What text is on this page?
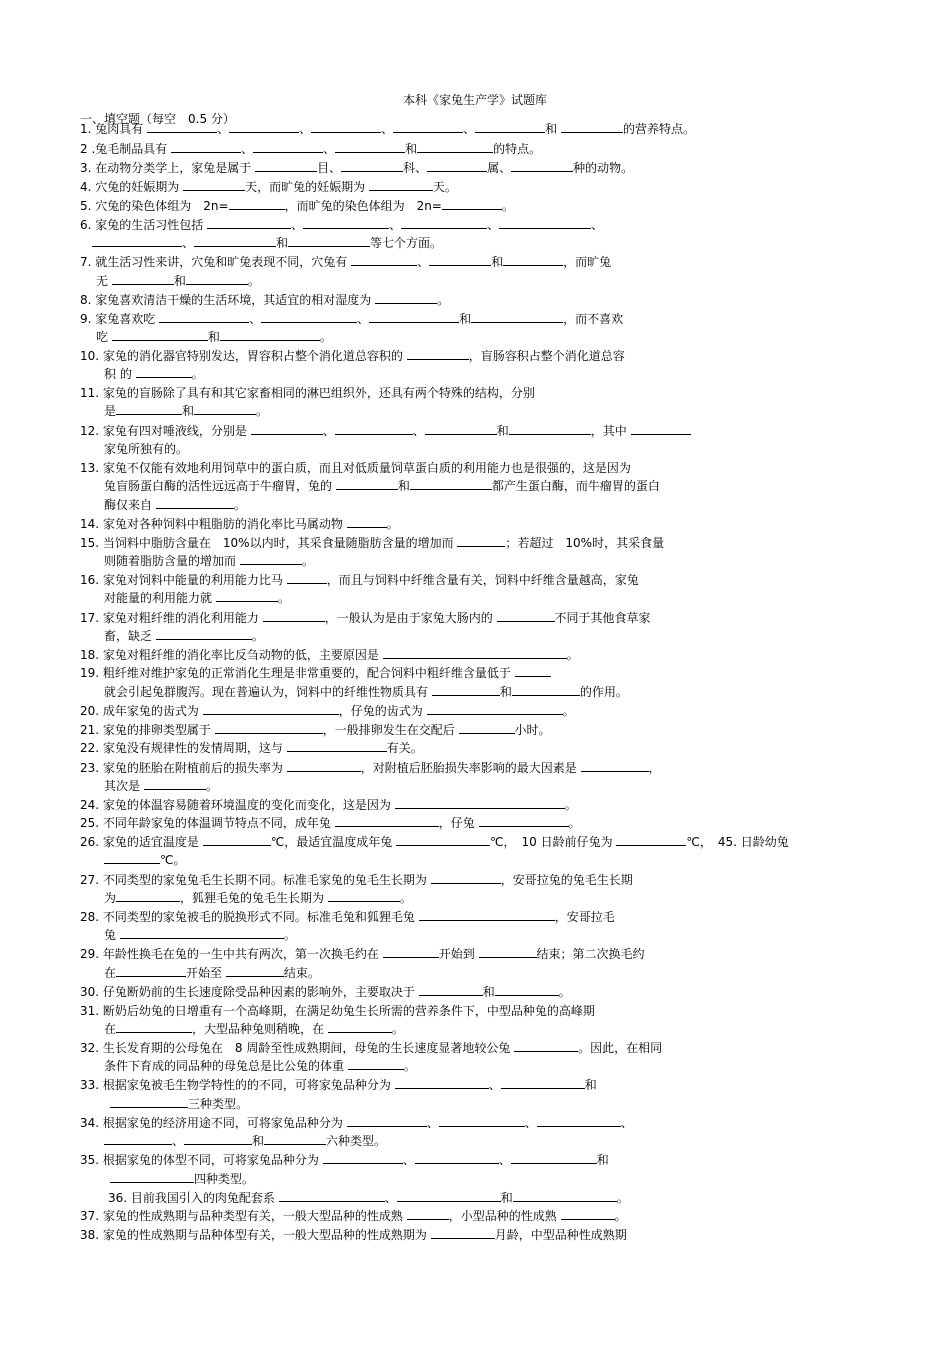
本科《家兔生产学》试题库
一、填空题（每空　0.5 分）
1. 兔肉具有	、	、	、	、	和	的营养特点。
2 .兔毛制品具有	、	、	和	的特点。
3. 在动物分类学上，家兔是属于	目、	科、	属、	种的动物。
4. 穴兔的妊娠期为	天，而旷兔的妊娠期为	天。
5. 穴兔的染色体组为　2n=	，而旷兔的染色体组为　2n=	。
6. 家兔的生活习性包括	、	、	、	、
、	和	等七个方面。
7. 就生活习性来讲，穴兔和旷兔表现不同，穴兔有	、	和	，而旷兔
无	和	。
8. 家兔喜欢清洁干燥的生活环境，其适宜的相对湿度为	。
9. 家兔喜欢吃	、	、	和	，而不喜欢
吃	和	。
10. 家兔的消化器官特别发达，胃容积占整个消化道总容积的	，盲肠容积占整个消化道总容
积 的	。
11. 家兔的盲肠除了具有和其它家畜相同的淋巴组织外，还具有两个特殊的结构，分别
是	和	。
12. 家兔有四对唾液线，分别是	、	、	和	，其中
家兔所独有的。
13. 家兔不仅能有效地利用饲草中的蛋白质，而且对低质量饲草蛋白质的利用能力也是很强的，这是因为
兔盲肠蛋白酶的活性远远高于牛瘤胃，兔的	和	都产生蛋白酶，而牛瘤胃的蛋白
酶仅来自	。
14. 家兔对各种饲料中粗脂肪的消化率比马属动物	。
15. 当饲料中脂肪含量在　10%以内时，其采食量随脂肪含量的增加而	；若超过　10%时，其采食量
则随着脂肪含量的增加而	。
16. 家兔对饲料中能量的利用能力比马	，而且与饲料中纤维含量有关，饲料中纤维含量越高，家兔
对能量的利用能力就	。
17. 家兔对粗纤维的消化利用能力	，一般认为是由于家兔大肠内的	不同于其他食草家
畜，缺乏	。
18. 家兔对粗纤维的消化率比反刍动物的低，主要原因是	。
19. 粗纤维对维护家兔的正常消化生理是非常重要的，配合饲料中粗纤维含量低于
就会引起兔群腹泻。现在普遍认为，饲料中的纤维性物质具有	和	的作用。
20. 成年家兔的齿式为	，仔兔的齿式为	。
21. 家兔的排卵类型属于	，一般排卵发生在交配后	小时。
22. 家兔没有规律性的发情周期，这与	有关。
23. 家兔的胚胎在附植前后的损失率为	，对附植后胚胎损失率影响的最大因素是	，
其次是	。
24. 家兔的体温容易随着环境温度的变化而变化，这是因为	。
25. 不同年龄家兔的体温调节特点不同，成年兔	，仔兔	。
26. 家兔的适宜温度是	℃，最适宜温度成年兔	℃，　10 日龄前仔兔为	℃，　45. 日龄幼兔
℃。
27. 不同类型的家兔兔毛生长期不同。标准毛家兔的兔毛生长期为	，安哥拉兔的兔毛生长期
为	，狐狸毛兔的兔毛生长期为	。
28. 不同类型的家兔被毛的脱换形式不同。标准毛兔和狐狸毛兔	，安哥拉毛
兔	。
29. 年龄性换毛在兔的一生中共有两次，第一次换毛约在	开始到	结束；第二次换毛约
在	开始至	结束。
30. 仔兔断奶前的生长速度除受品种因素的影响外，主要取决于	和	。
31. 断奶后幼兔的日增重有一个高峰期，在满足幼兔生长所需的营养条件下，中型品种兔的高峰期
在	，大型品种兔则稍晚，在	。
32. 生长发育期的公母兔在　8 周龄至性成熟期间，母兔的生长速度显著地较公兔	。因此，在相同
条件下育成的同品种的母兔总是比公兔的体重	。
33. 根据家兔被毛生物学特性的的不同，可将家兔品种分为	、	和
三种类型。
34. 根据家兔的经济用途不同，可将家兔品种分为	、	、	、
、	和	六种类型。
35. 根据家兔的体型不同，可将家兔品种分为	、	、	和
四种类型。
36. 目前我国引入的肉兔配套系	、	和	。
37. 家兔的性成熟期与品种类型有关，一般大型品种的性成熟	，小型品种的性成熟	。
38. 家兔的性成熟期与品种体型有关，一般大型品种的性成熟期为	月龄，中型品种性成熟期
